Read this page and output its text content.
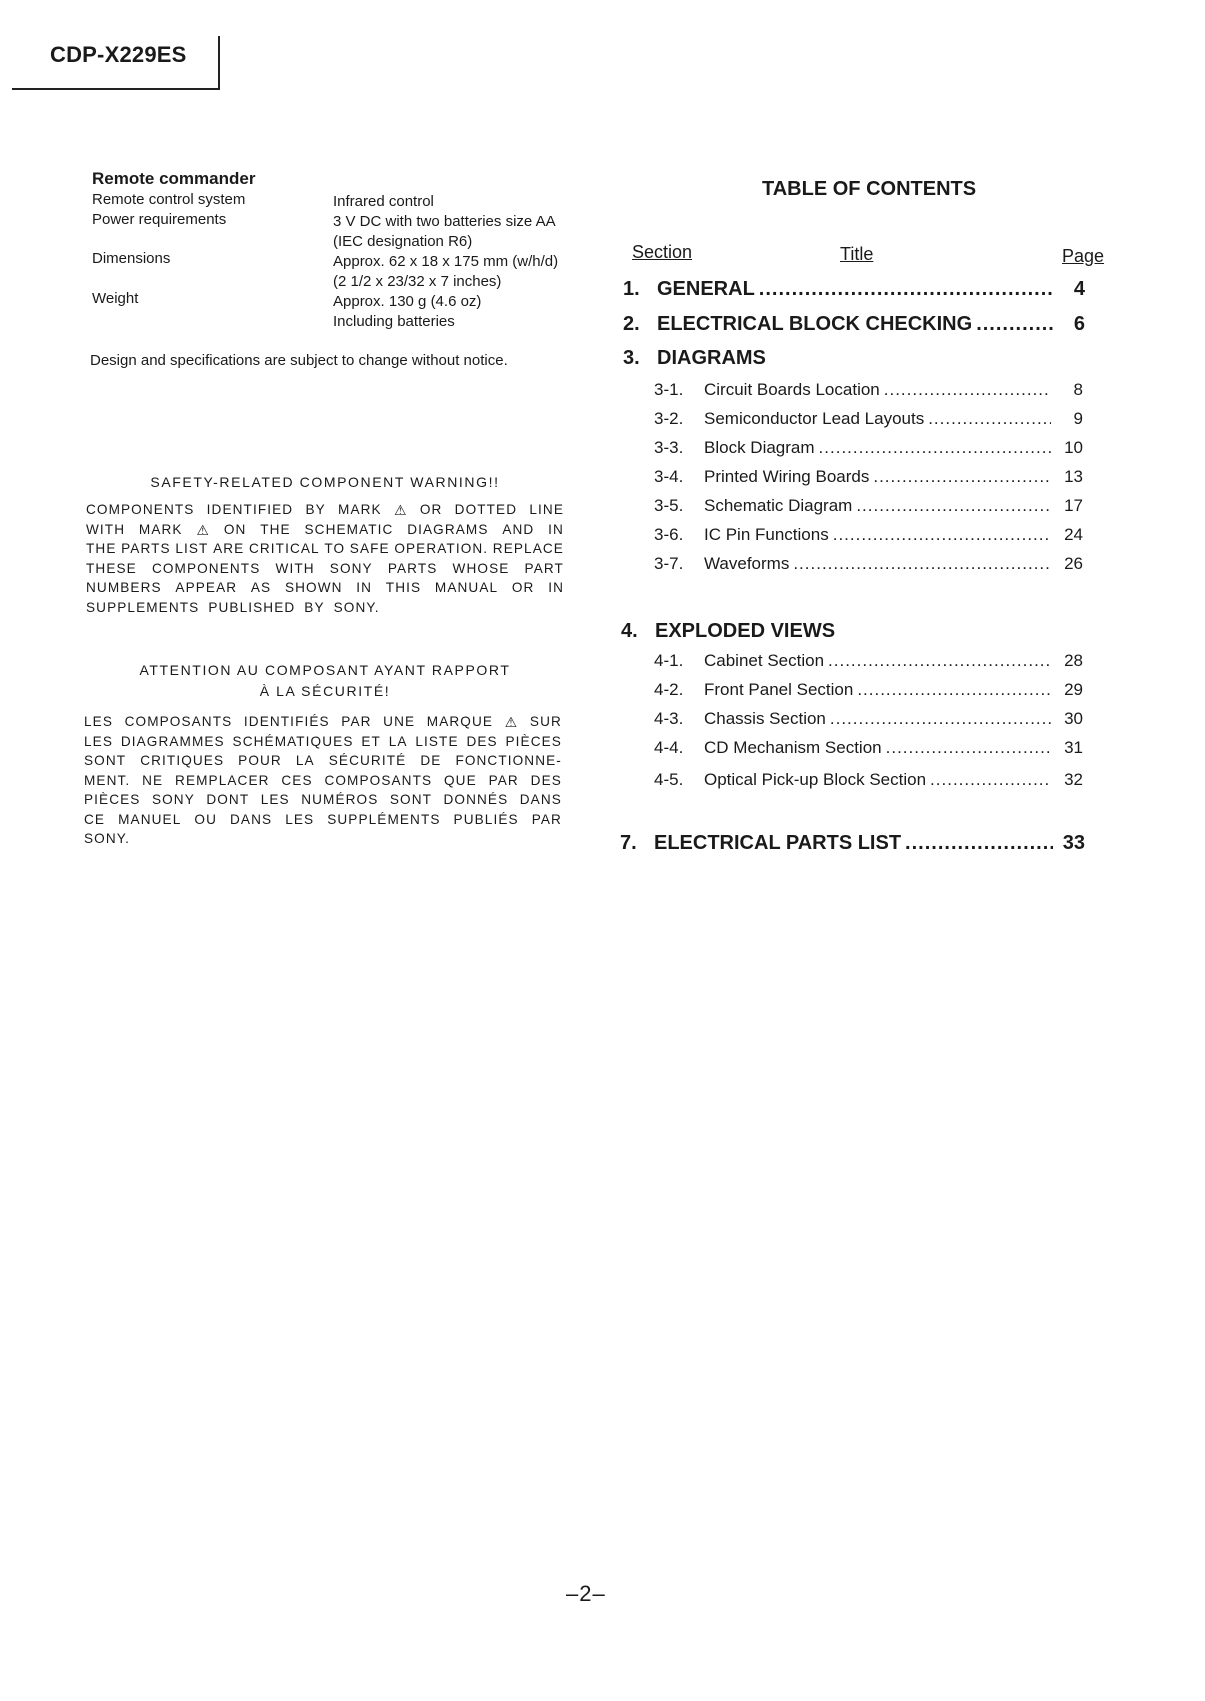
CDP-X229ES
Remote commander
Remote control system	Infrared control
Power requirements	3 V DC with two batteries size AA
(IEC designation R6)
Dimensions	Approx. 62 x 18 x 175 mm (w/h/d)
(2 1/2 x 23/32 x 7 inches)
Weight	Approx. 130 g (4.6 oz)
Including batteries
Design and specifications are subject to change without notice.
SAFETY-RELATED COMPONENT WARNING!!
COMPONENTS IDENTIFIED BY MARK ⚠ OR DOTTED LINE
WITH MARK ⚠ ON THE SCHEMATIC DIAGRAMS AND IN
THE PARTS LIST ARE CRITICAL TO SAFE OPERATION. REPLACE
THESE COMPONENTS WITH SONY PARTS WHOSE PART
NUMBERS APPEAR AS SHOWN IN THIS MANUAL OR IN
SUPPLEMENTS PUBLISHED BY SONY.
ATTENTION AU COMPOSANT AYANT RAPPORT
À LA SÉCURITÉ!
LES COMPOSANTS IDENTIFIÉS PAR UNE MARQUE ⚠ SUR
LES DIAGRAMMES SCHÉMATIQUES ET LA LISTE DES PIÈCES
SONT CRITIQUES POUR LA SÉCURITÉ DE FONCTIONNE-
MENT. NE REMPLACER CES COMPOSANTS QUE PAR DES
PIÈCES SONY DONT LES NUMÉROS SONT DONNÉS DANS
CE MANUEL OU DANS LES SUPPLÉMENTS PUBLIÉS PAR
SONY.
TABLE OF CONTENTS
Section	Title	Page
1. GENERAL .....	4
2. ELECTRICAL BLOCK CHECKING .....	6
3. DIAGRAMS
3-1.	Circuit Boards Location .....	8
3-2.	Semiconductor Lead Layouts .....	9
3-3.	Block Diagram .....	10
3-4.	Printed Wiring Boards .....	13
3-5.	Schematic Diagram .....	17
3-6.	IC Pin Functions .....	24
3-7.	Waveforms .....	26
4. EXPLODED VIEWS
4-1.	Cabinet Section .....	28
4-2.	Front Panel Section .....	29
4-3.	Chassis Section .....	30
4-4.	CD Mechanism Section .....	31
4-5.	Optical Pick-up Block Section .....	32
7. ELECTRICAL PARTS LIST .....	33
–2–
